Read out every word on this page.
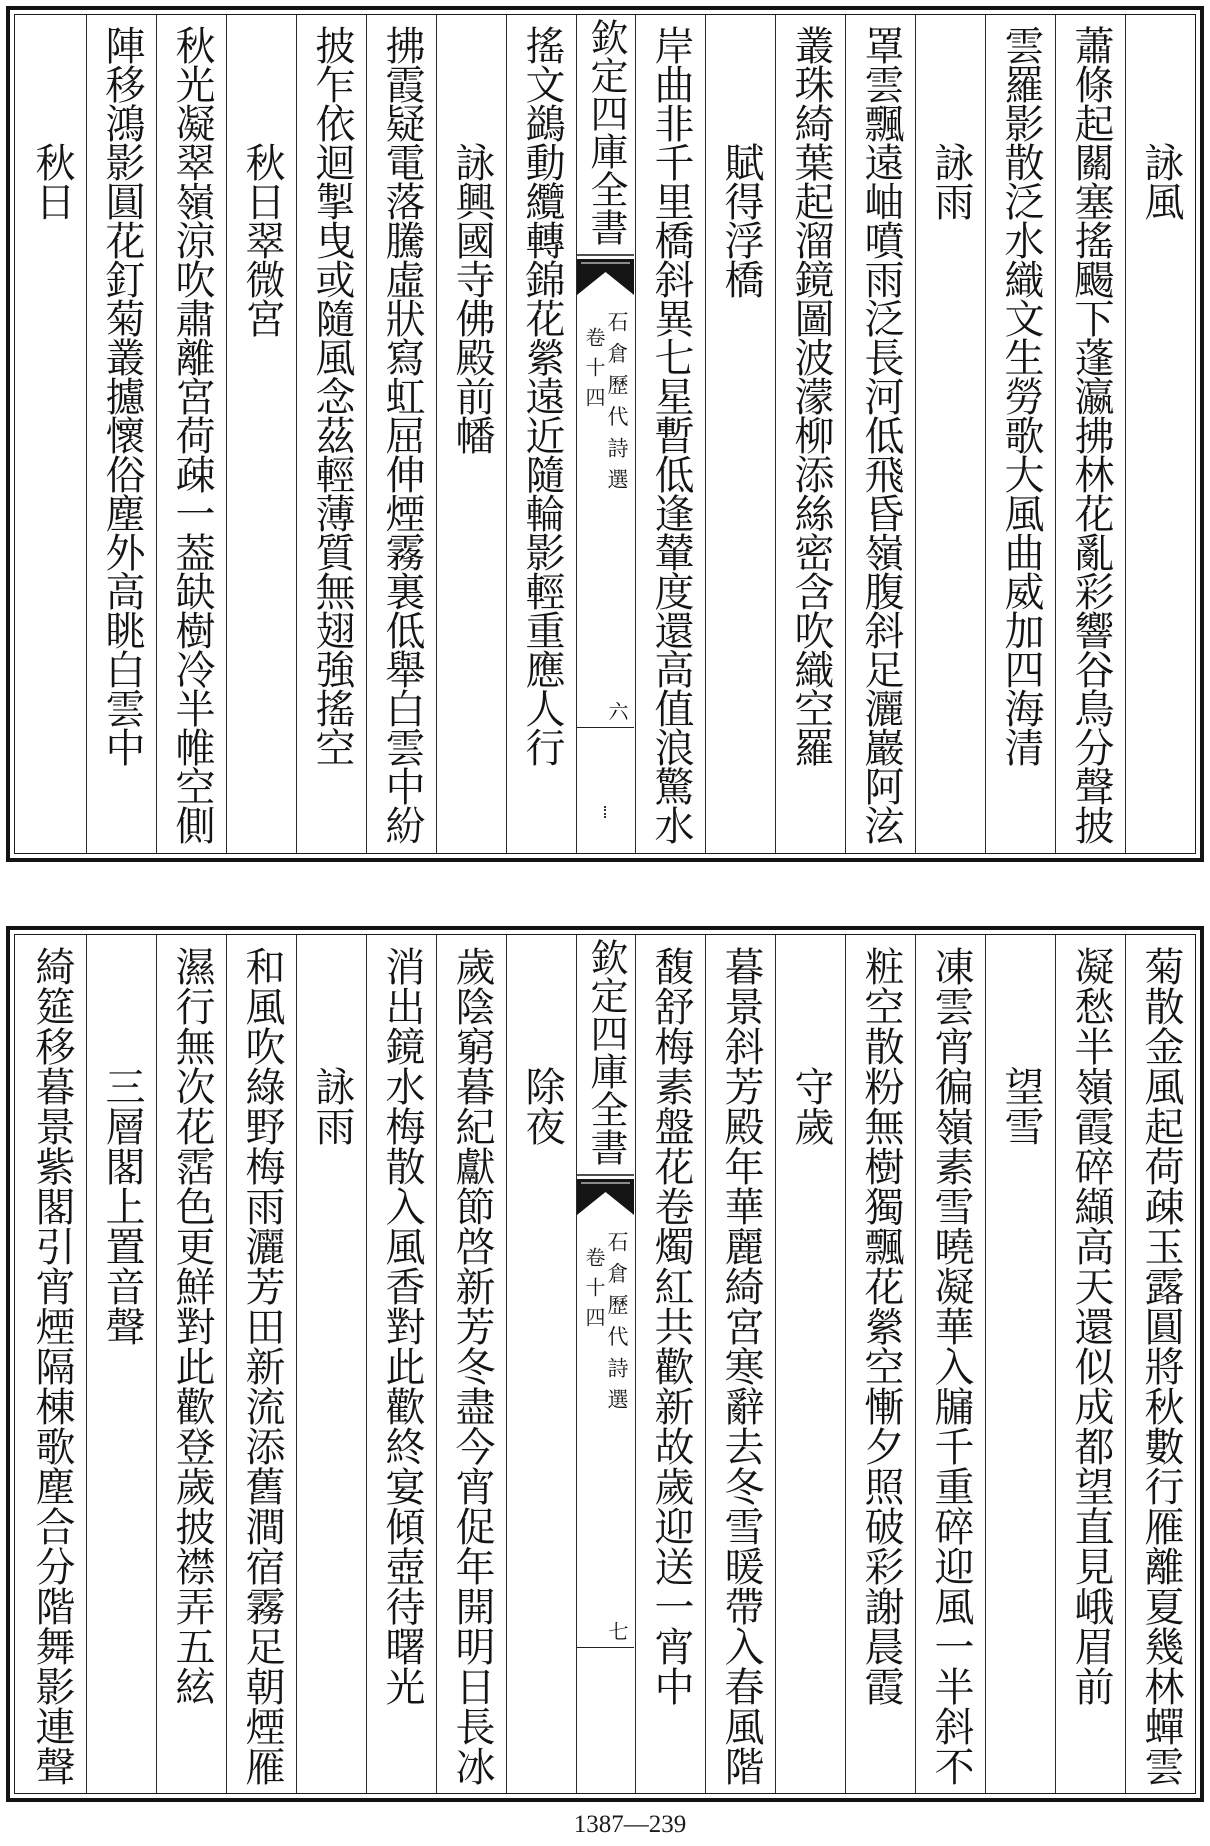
詠風
蕭條起關塞搖颺下蓬瀛拂林花亂彩響谷鳥分聲披
雲羅影散泛水織文生勞歌大風曲威加四海清
詠雨
罩雲飄遠岫噴雨泛長河低飛昏嶺腹斜足灑巖阿泫
叢珠綺葉起溜鏡圖波濛柳添絲密含吹織空羅
賦得浮橋
岸曲非千里橋斜異七星暫低逢輦度還高值浪驚水
欽定四庫全書
石倉歷代詩選
卷十四
六
搖文鷁動纜轉錦花縈遠近隨輪影輕重應人行
詠興國寺佛殿前幡
拂霞疑電落騰虛狀寫虹屈伸煙霧裏低舉白雲中紛
披乍依迴掣曳或隨風念茲輕薄質無翅強搖空
秋日翠微宮
秋光凝翠嶺涼吹肅離宮荷疎一葢缺樹冷半帷空側
陣移鴻影圓花釘菊叢攄懷俗塵外高眺白雲中
秋日
菊散金風起荷疎玉露圓將秋數行雁離夏幾林蟬雲
凝愁半嶺霞碎纈高天還似成都望直見峨眉前
望雪
凍雲宵徧嶺素雪曉凝華入牖千重碎迎風一半斜不
粧空散粉無樹獨飄花縈空慚夕照破彩謝晨霞
守歲
暮景斜芳殿年華麗綺宮寒辭去冬雪暖帶入春風階
馥舒梅素盤花卷燭紅共歡新故歲迎送一宵中
欽定四庫全書
石倉歷代詩選
卷十四
七
除夜
歲陰窮暮紀獻節啓新芳冬盡今宵促年開明日長冰
消出鏡水梅散入風香對此歡終宴傾壺待曙光
詠雨
和風吹綠野梅雨灑芳田新流添舊澗宿霧足朝煙雁
濕行無次花霑色更鮮對此歡登歲披襟弄五絃
三層閣上置音聲
綺筵移暮景紫閣引宵煙隔棟歌塵合分階舞影連聲
1387—239
